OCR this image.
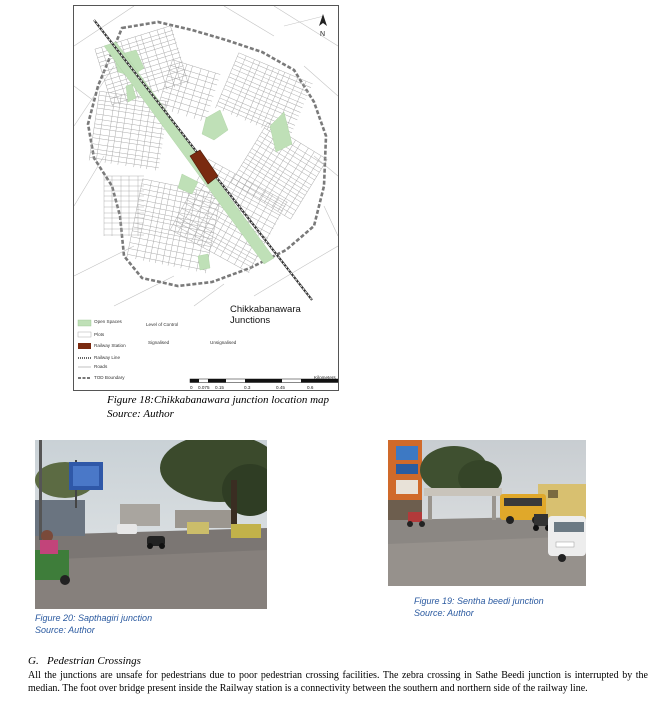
N
Chikkabanawara Junctions
Open Spaces
Plots
Railway Station
Railway Line
Roads
TOD Boundary
Level of Control
Signalised	Unsignalised
0 0.075 0.15	0.3	0.45	0.6
Kilometers
Figure 18:Chikkabanawara junction location map
Source: Author
Figure 20: Sapthagiri junction
Source: Author
Figure 19: Sentha beedi junction
Source: Author
G.   Pedestrian Crossings

All the junctions are unsafe for pedestrians due to poor pedestrian crossing facilities. The zebra crossing in Sathe Beedi junction is interrupted by the median. The foot over bridge present inside the Railway station is a connectivity between the southern and northern side of the railway line.
